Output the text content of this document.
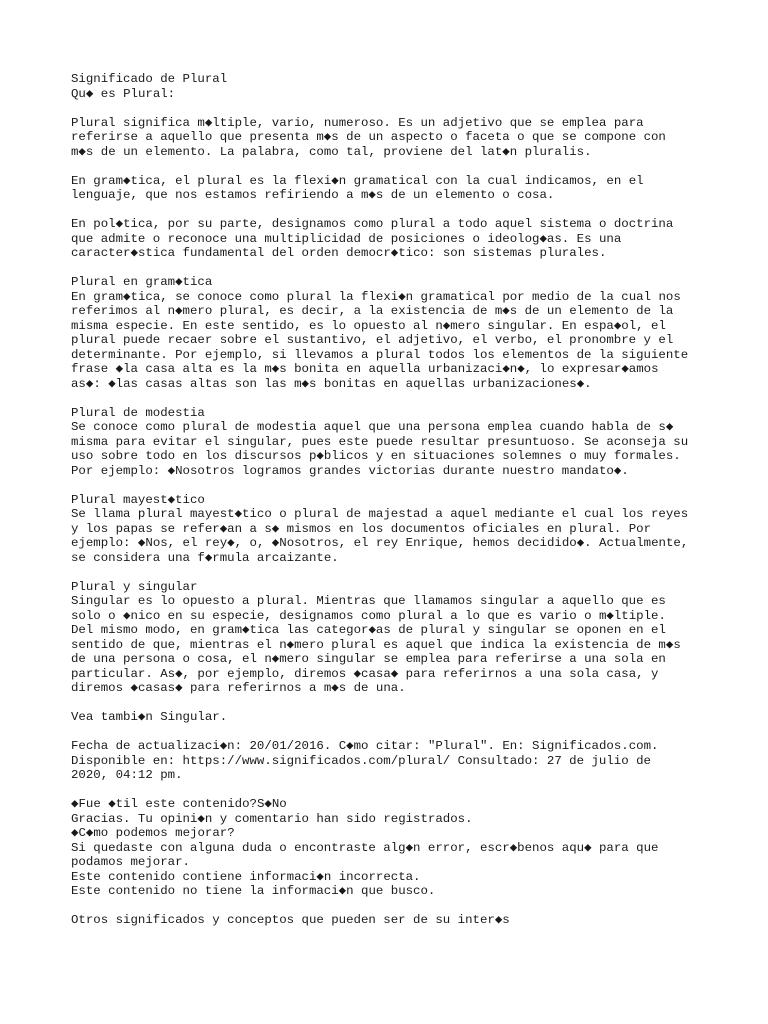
Significado de Plural
Qu◆ es Plural:
Plural significa m◆ltiple, vario, numeroso. Es un adjetivo que se emplea para
referirse a aquello que presenta m◆s de un aspecto o faceta o que se compone con
m◆s de un elemento. La palabra, como tal, proviene del lat◆n pluralis.
En gram◆tica, el plural es la flexi◆n gramatical con la cual indicamos, en el
lenguaje, que nos estamos refiriendo a m◆s de un elemento o cosa.
En pol◆tica, por su parte, designamos como plural a todo aquel sistema o doctrina
que admite o reconoce una multiplicidad de posiciones o ideolog◆as. Es una
caracter◆stica fundamental del orden democr◆tico: son sistemas plurales.
Plural en gram◆tica
En gram◆tica, se conoce como plural la flexi◆n gramatical por medio de la cual nos
referimos al n◆mero plural, es decir, a la existencia de m◆s de un elemento de la
misma especie. En este sentido, es lo opuesto al n◆mero singular. En espa◆ol, el
plural puede recaer sobre el sustantivo, el adjetivo, el verbo, el pronombre y el
determinante. Por ejemplo, si llevamos a plural todos los elementos de la siguiente
frase ◆la casa alta es la m◆s bonita en aquella urbanizaci◆n◆, lo expresar◆amos
as◆: ◆las casas altas son las m◆s bonitas en aquellas urbanizaciones◆.
Plural de modestia
Se conoce como plural de modestia aquel que una persona emplea cuando habla de s◆
misma para evitar el singular, pues este puede resultar presuntuoso. Se aconseja su
uso sobre todo en los discursos p◆blicos y en situaciones solemnes o muy formales.
Por ejemplo: ◆Nosotros logramos grandes victorias durante nuestro mandato◆.
Plural mayest◆tico
Se llama plural mayest◆tico o plural de majestad a aquel mediante el cual los reyes
y los papas se refer◆an a s◆ mismos en los documentos oficiales en plural. Por
ejemplo: ◆Nos, el rey◆, o, ◆Nosotros, el rey Enrique, hemos decidido◆. Actualmente,
se considera una f◆rmula arcaizante.
Plural y singular
Singular es lo opuesto a plural. Mientras que llamamos singular a aquello que es
solo o ◆nico en su especie, designamos como plural a lo que es vario o m◆ltiple.
Del mismo modo, en gram◆tica las categor◆as de plural y singular se oponen en el
sentido de que, mientras el n◆mero plural es aquel que indica la existencia de m◆s
de una persona o cosa, el n◆mero singular se emplea para referirse a una sola en
particular. As◆, por ejemplo, diremos ◆casa◆ para referirnos a una sola casa, y
diremos ◆casas◆ para referirnos a m◆s de una.
Vea tambi◆n Singular.
Fecha de actualizaci◆n: 20/01/2016. C◆mo citar: "Plural". En: Significados.com.
Disponible en: https://www.significados.com/plural/ Consultado: 27 de julio de
2020, 04:12 pm.
◆Fue ◆til este contenido?S◆No
Gracias. Tu opini◆n y comentario han sido registrados.
◆C◆mo podemos mejorar?
Si quedaste con alguna duda o encontraste alg◆n error, escr◆benos aqu◆ para que
podamos mejorar.
Este contenido contiene informaci◆n incorrecta.
Este contenido no tiene la informaci◆n que busco.
Otros significados y conceptos que pueden ser de su inter◆s
